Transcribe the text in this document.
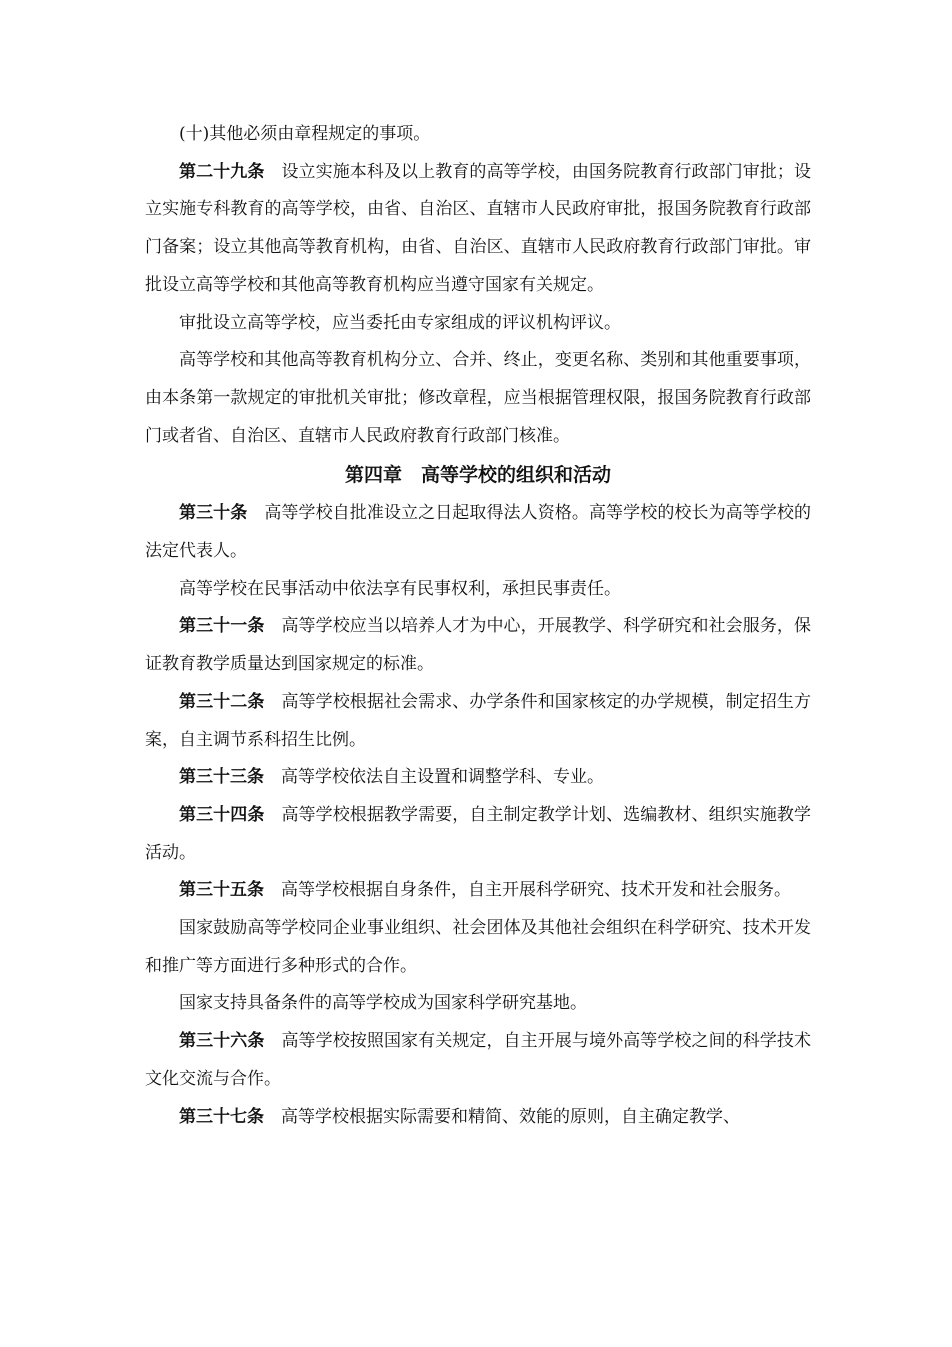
(十)其他必须由章程规定的事项。

第二十九条 设立实施本科及以上教育的高等学校，由国务院教育行政部门审批；设立实施专科教育的高等学校，由省、自治区、直辖市人民政府审批，报国务院教育行政部门备案；设立其他高等教育机构，由省、自治区、直辖市人民政府教育行政部门审批。审批设立高等学校和其他高等教育机构应当遵守国家有关规定。

审批设立高等学校，应当委托由专家组成的评议机构评议。

高等学校和其他高等教育机构分立、合并、终止，变更名称、类别和其他重要事项，由本条第一款规定的审批机关审批；修改章程，应当根据管理权限，报国务院教育行政部门或者省、自治区、直辖市人民政府教育行政部门核准。

第四章 高等学校的组织和活动

第三十条 高等学校自批准设立之日起取得法人资格。高等学校的校长为高等学校的法定代表人。

高等学校在民事活动中依法享有民事权利，承担民事责任。

第三十一条 高等学校应当以培养人才为中心，开展教学、科学研究和社会服务，保证教育教学质量达到国家规定的标准。

第三十二条 高等学校根据社会需求、办学条件和国家核定的办学规模，制定招生方案，自主调节系科招生比例。

第三十三条 高等学校依法自主设置和调整学科、专业。

第三十四条 高等学校根据教学需要，自主制定教学计划、选编教材、组织实施教学活动。

第三十五条 高等学校根据自身条件，自主开展科学研究、技术开发和社会服务。

国家鼓励高等学校同企业事业组织、社会团体及其他社会组织在科学研究、技术开发和推广等方面进行多种形式的合作。

国家支持具备条件的高等学校成为国家科学研究基地。

第三十六条 高等学校按照国家有关规定，自主开展与境外高等学校之间的科学技术文化交流与合作。

第三十七条 高等学校根据实际需要和精简、效能的原则，自主确定教学、
